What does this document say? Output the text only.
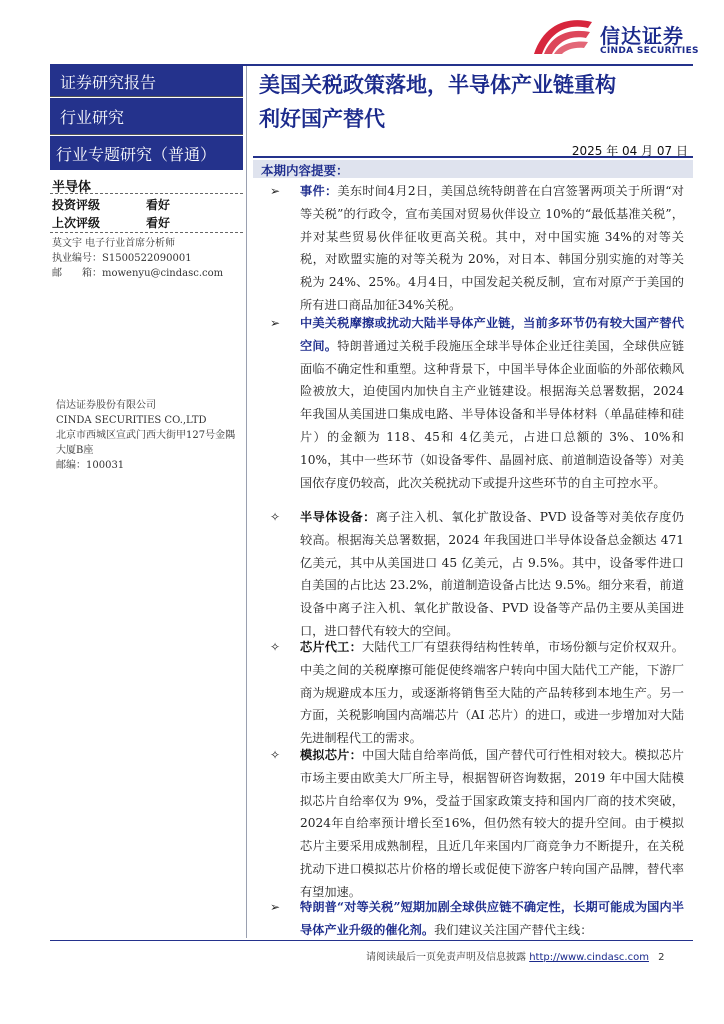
信达证券
CINDA SECURITIES
证券研究报告
行业研究
行业专题研究（普通）
半导体
投资评级	看好
上次评级	看好
莫文宇 电子行业首席分析师
执业编号：S1500522090001
邮　　箱：mowenyu@cindasc.com
信达证券股份有限公司
CINDA SECURITIES CO.,LTD
北京市西城区宣武门西大街甲127号金隅大厦B座
邮编：100031
美国关税政策落地，半导体产业链重构
利好国产替代
2025 年 04 月 07 日
本期内容提要：
➢ 事件：美东时间4月2日，美国总统特朗普在白宫签署两项关于所谓“对等关税”的行政令，宣布美国对贸易伙伴设立 10%的“最低基准关税”，并对某些贸易伙伴征收更高关税。其中，对中国实施 34%的对等关税，对欧盟实施的对等关税为 20%，对日本、韩国分别实施的对等关税为 24%、25%。4月4日，中国发起关税反制，宣布对原产于美国的所有进口商品加征34%关税。
➢ 中美关税摩擦或扰动大陆半导体产业链，当前多环节仍有较大国产替代空间。特朗普通过关税手段施压全球半导体企业迁往美国，全球供应链面临不确定性和重塑。这种背景下，中国半导体企业面临的外部依赖风险被放大，迫使国内加快自主产业链建设。根据海关总署数据，2024 年我国从美国进口集成电路、半导体设备和半导体材料（单晶硅棒和硅片）的金额为 118、45和 4亿美元，占进口总额的 3%、10%和 10%，其中一些环节（如设备零件、晶圆衬底、前道制造设备等）对美国依存度仍较高，此次关税扰动下或提升这些环节的自主可控水平。
✧ 半导体设备：离子注入机、氧化扩散设备、PVD 设备等对美依存度仍较高。根据海关总署数据，2024 年我国进口半导体设备总金额达 471 亿美元，其中从美国进口 45 亿美元，占 9.5%。其中，设备零件进口自美国的占比达 23.2%，前道制造设备占比达 9.5%。细分来看，前道设备中离子注入机、氧化扩散设备、PVD 设备等产品仍主要从美国进口，进口替代有较大的空间。
✧ 芯片代工：大陆代工厂有望获得结构性转单，市场份额与定价权双升。中美之间的关税摩擦可能促使终端客户转向中国大陆代工产能，下游厂商为规避成本压力，或逐渐将销售至大陆的产品转移到本地生产。另一方面，关税影响国内高端芯片（AI 芯片）的进口，或进一步增加对大陆先进制程代工的需求。
✧ 模拟芯片：中国大陆自给率尚低，国产替代可行性相对较大。模拟芯片市场主要由欧美大厂所主导，根据智研咨询数据，2019 年中国大陆模拟芯片自给率仅为 9%，受益于国家政策支持和国内厂商的技术突破，2024年自给率预计增长至16%，但仍然有较大的提升空间。由于模拟芯片主要采用成熟制程，且近几年来国内厂商竞争力不断提升，在关税扰动下进口模拟芯片价格的增长或促使下游客户转向国产品牌，替代率有望加速。
➢ 特朗普“对等关税”短期加剧全球供应链不确定性，长期可能成为国内半导体产业升级的催化剂。我们建议关注国产替代主线：
请阅读最后一页免责声明及信息披露 http://www.cindasc.com 2
